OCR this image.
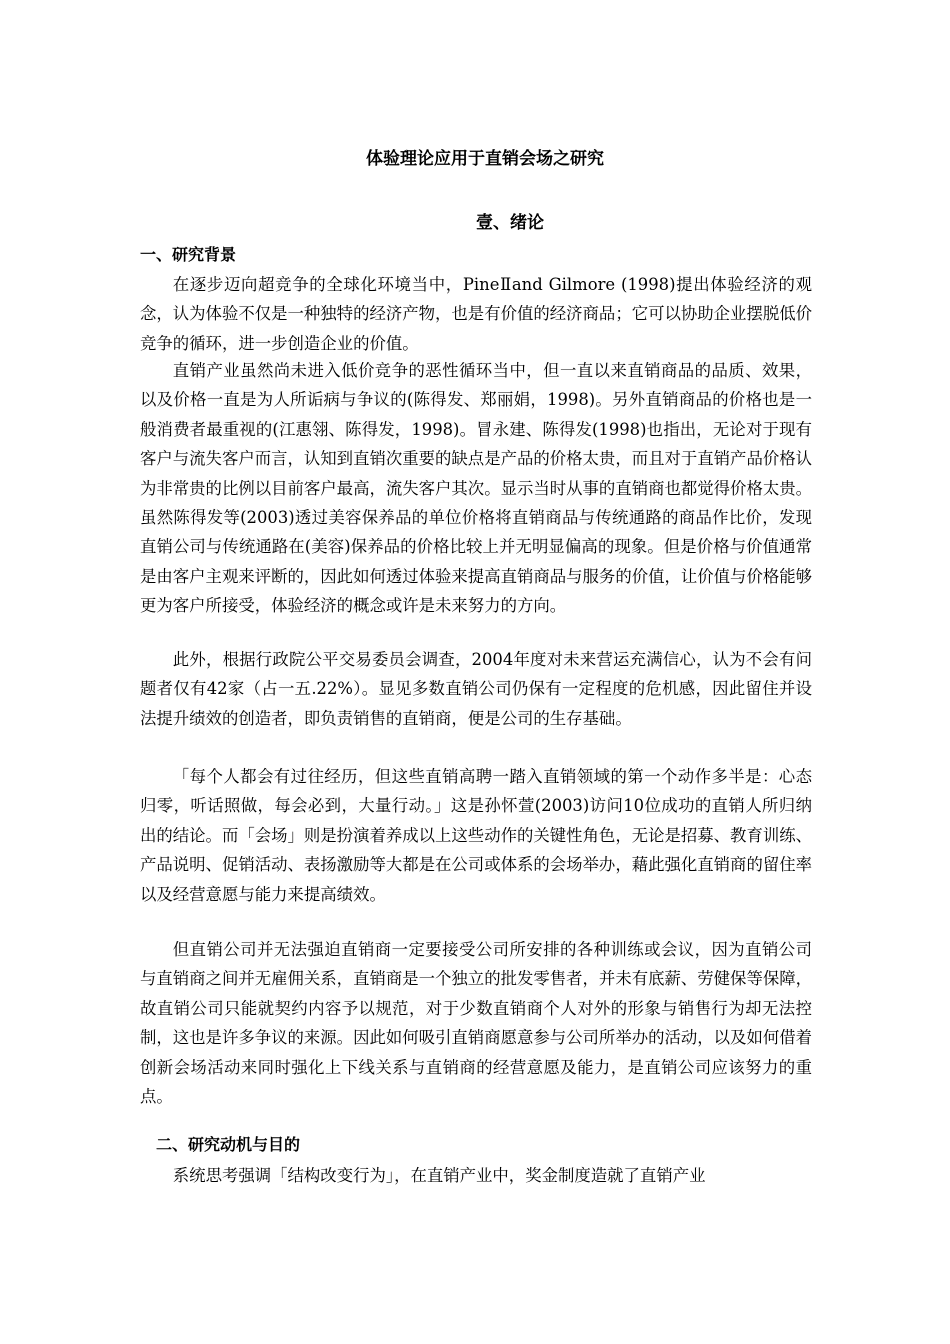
体验理论应用于直销会场之研究
壹、绪论
一、研究背景

在逐步迈向超竞争的全球化环境当中，PineⅡand Gilmore (1998)提出体验经济的观念，认为体验不仅是一种独特的经济产物，也是有价值的经济商品；它可以协助企业摆脱低价竞争的循环，进一步创造企业的价值。

直销产业虽然尚未进入低价竞争的恶性循环当中，但一直以来直销商品的品质、效果，以及价格一直是为人所诟病与争议的(陈得发、郑丽娟，1998)。另外直销商品的价格也是一般消费者最重视的(江惠翎、陈得发，1998)。冒永建、陈得发(1998)也指出，无论对于现有客户与流失客户而言，认知到直销次重要的缺点是产品的价格太贵，而且对于直销产品价格认为非常贵的比例以目前客户最高，流失客户其次。显示当时从事的直销商也都觉得价格太贵。虽然陈得发等(2003)透过美容保养品的单位价格将直销商品与传统通路的商品作比价，发现直销公司与传统通路在(美容)保养品的价格比较上并无明显偏高的现象。但是价格与价值通常是由客户主观来评断的，因此如何透过体验来提高直销商品与服务的价值，让价值与价格能够更为客户所接受，体验经济的概念或许是未来努力的方向。

此外，根据行政院公平交易委员会调查，2004年度对未来营运充满信心，认为不会有问题者仅有42家（占一五.22%）。显见多数直销公司仍保有一定程度的危机感，因此留住并设法提升绩效的创造者，即负责销售的直销商，便是公司的生存基础。

「每个人都会有过往经历，但这些直销高聘一踏入直销领域的第一个动作多半是：心态归零，听话照做，每会必到，大量行动。」这是孙怀萱(2003)访问10位成功的直销人所归纳出的结论。而「会场」则是扮演着养成以上这些动作的关键性角色，无论是招募、教育训练、产品说明、促销活动、表扬激励等大都是在公司或体系的会场举办，藉此强化直销商的留住率以及经营意愿与能力来提高绩效。

但直销公司并无法强迫直销商一定要接受公司所安排的各种训练或会议，因为直销公司与直销商之间并无雇佣关系，直销商是一个独立的批发零售者，并未有底薪、劳健保等保障，故直销公司只能就契约内容予以规范，对于少数直销商个人对外的形象与销售行为却无法控制，这也是许多争议的来源。因此如何吸引直销商愿意参与公司所举办的活动，以及如何借着创新会场活动来同时强化上下线关系与直销商的经营意愿及能力，是直销公司应该努力的重点。

二、研究动机与目的

系统思考强调「结构改变行为」，在直销产业中，奖金制度造就了直销产业
